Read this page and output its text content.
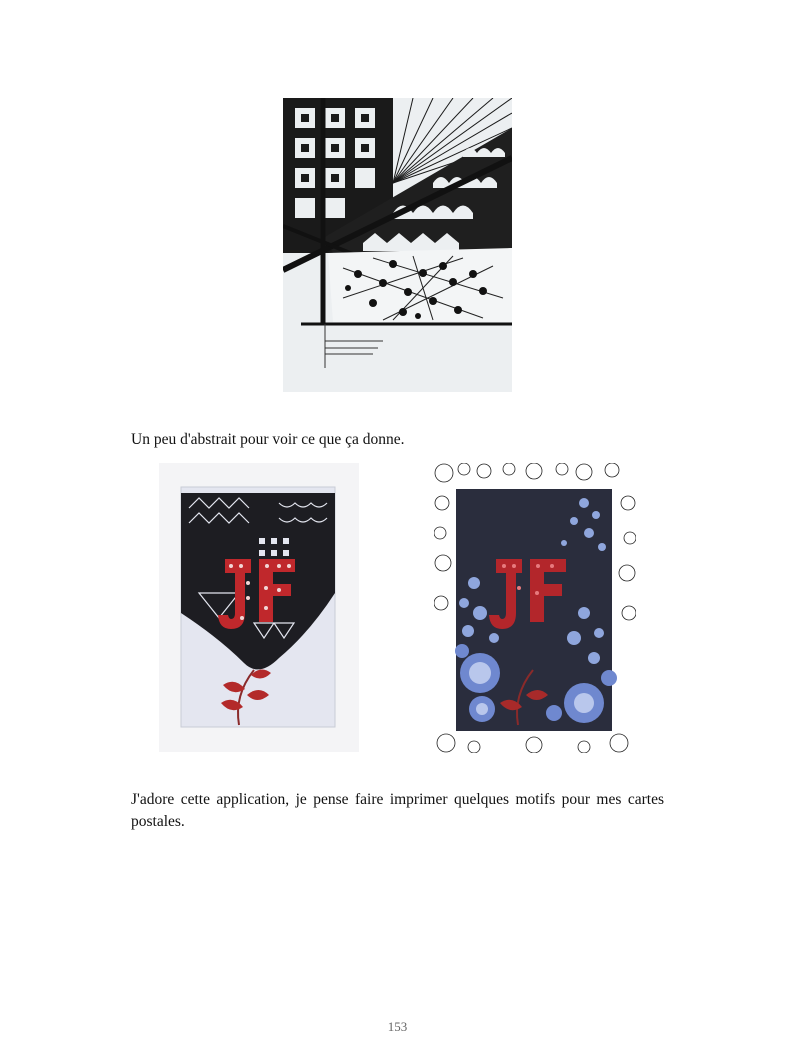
Un peu d'abstrait pour voir ce que ça donne.

J'adore cette application, je pense faire imprimer quelques motifs pour mes cartes postales.

153
